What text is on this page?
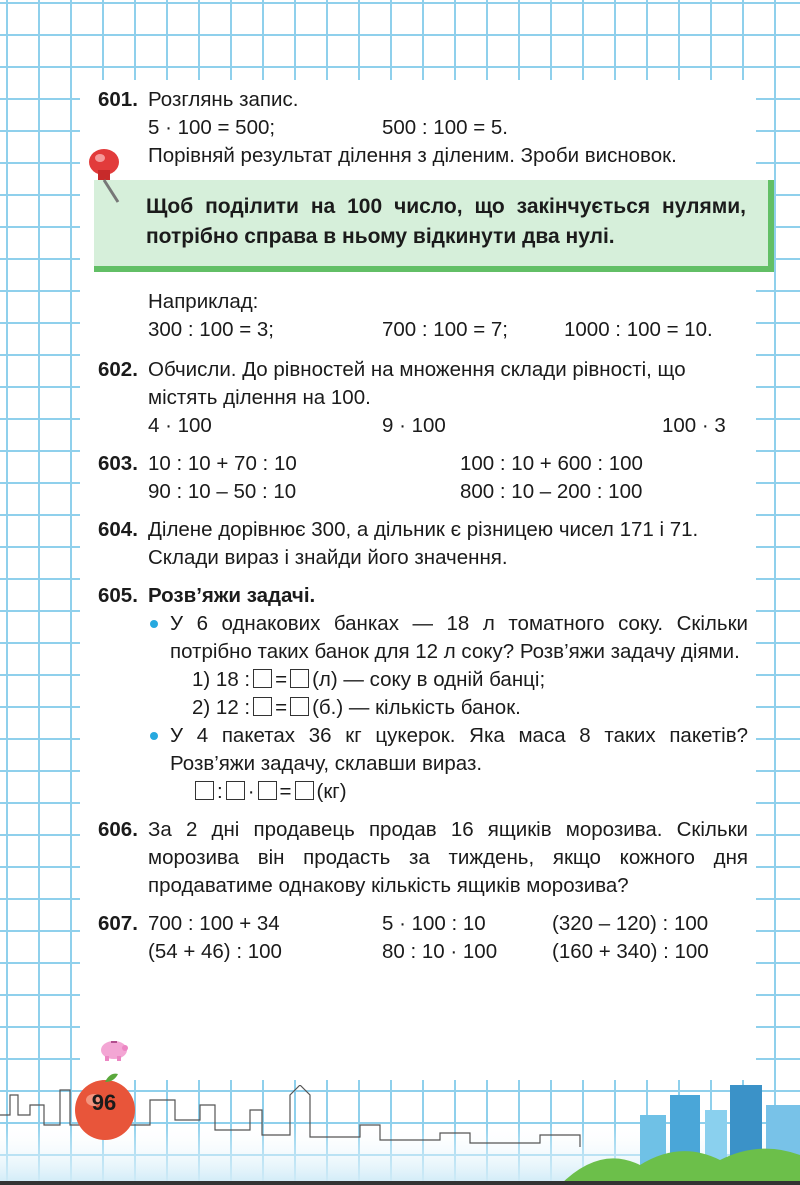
601. Розглянь запис.
5 · 100 = 500;	500 : 100 = 5.
Порівняй результат ділення з діленим. Зроби висновок.
Щоб поділити на 100 число, що закінчується нулями, потрібно справа в ньому відкинути два нулі.
Наприклад:
300 : 100 = 3;	700 : 100 = 7;	1000 : 100 = 10.
602. Обчисли. До рівностей на множення склади рівності, що містять ділення на 100.
4 · 100	9 · 100	100 · 3
603. 10 : 10 + 70 : 10	100 : 10 + 600 : 100
90 : 10 – 50 : 10	800 : 10 – 200 : 100
604. Ділене дорівнює 300, а дільник є різницею чисел 171 і 71. Склади вираз і знайди його значення.
605. Розв’яжи задачі.
У 6 однакових банках — 18 л томатного соку. Скільки потрібно таких банок для 12 л соку? Розв’яжи задачу діями.
1) 18 : = (л) — соку в одній банці;
2) 12 : = (б.) — кількість банок.
У 4 пакетах 36 кг цукерок. Яка маса 8 таких пакетів? Розв’яжи задачу, склавши вираз.
: · = (кг)
606. За 2 дні продавець продав 16 ящиків морозива. Скільки морозива він продасть за тиждень, якщо кожного дня продаватиме однакову кількість ящиків морозива?
607. 700 : 100 + 34	5 · 100 : 10	(320 – 120) : 100
(54 + 46) : 100	80 : 10 · 100	(160 + 340) : 100
96
